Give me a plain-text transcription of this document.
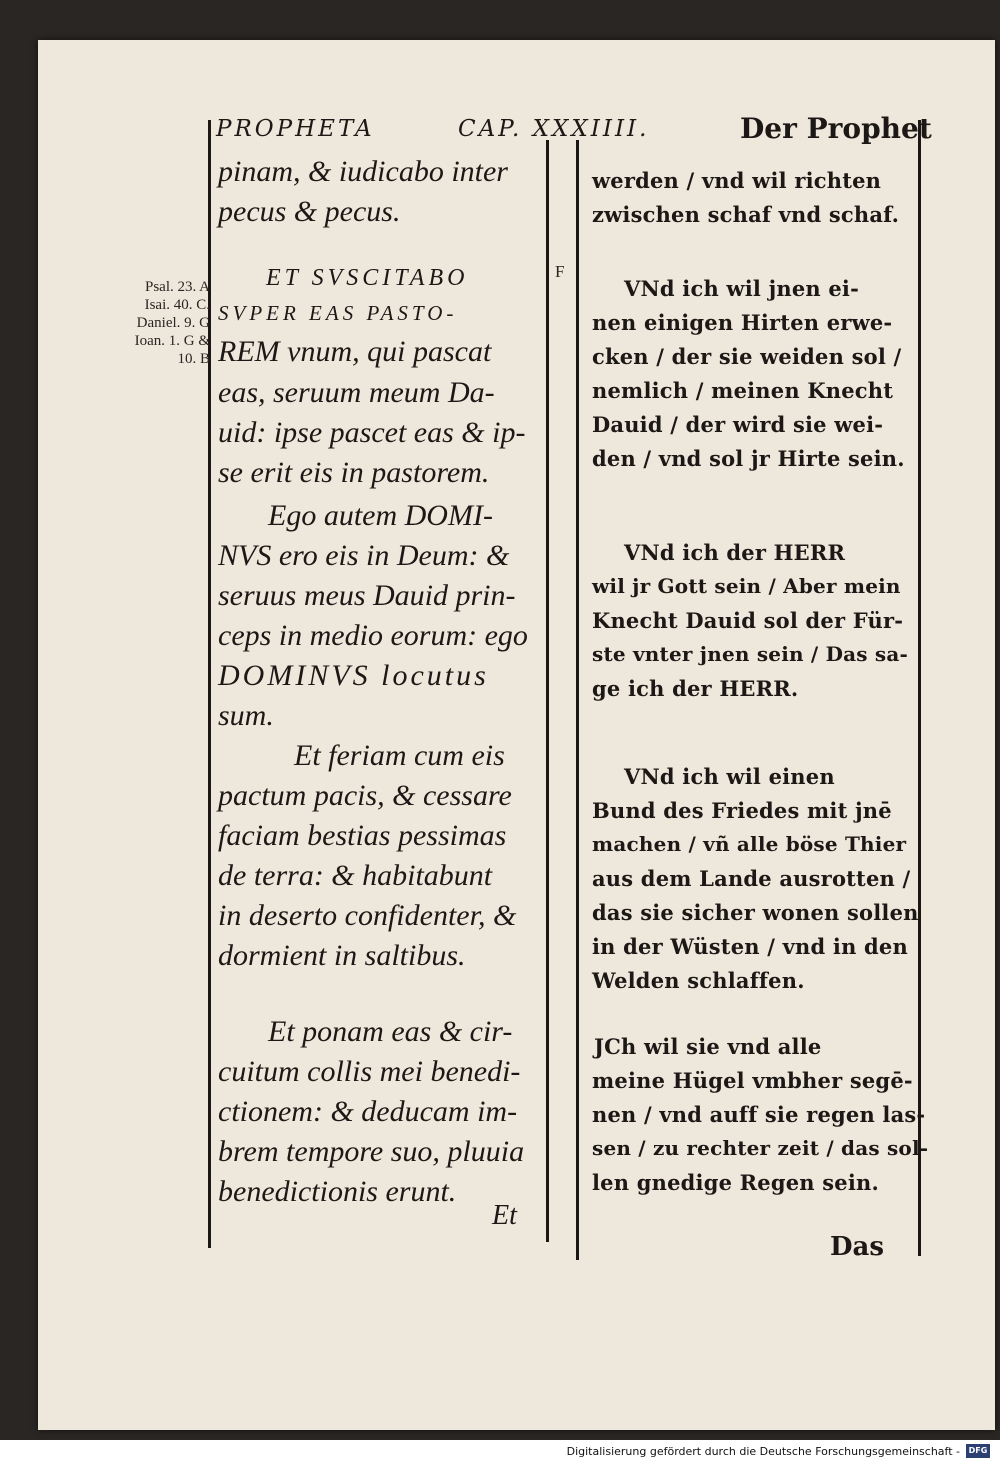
PROPHETA	CAP. XXXIIII.	Der Prophet
Psal. 23. A
Isai. 40. C.
Daniel. 9. G
Ioan. 1. G &
10. B
F
pinam, & iudicabo inter
pecus & pecus.
ET SVSCITABO
SVPER EAS PASTO-
REM vnum, qui pascat
eas, seruum meum Da-
uid: ipse pascet eas & ip-
se erit eis in pastorem.
Ego autem DOMI-
NVS ero eis in Deum: &
seruus meus Dauid prin-
ceps in medio eorum: ego
DOMINVS locutus
sum.
Et feriam cum eis
pactum pacis, & cessare
faciam bestias pessimas
de terra: & habitabunt
in deserto confidenter, &
dormient in saltibus.
Et ponam eas & cir-
cuitum collis mei benedi-
ctionem: & deducam im-
brem tempore suo, pluuia
benedictionis erunt.
werden / vnd wil richten
zwischen schaf vnd schaf.
VNd ich wil jnen ei-
nen einigen Hirten erwe-
cken / der sie weiden sol /
nemlich / meinen Knecht
Dauid / der wird sie wei-
den / vnd sol jr Hirte sein.
VNd ich der HERR
wil jr Gott sein / Aber mein
Knecht Dauid sol der Für-
ste vnter jnen sein / Das sa-
ge ich der HERR.
VNd ich wil einen
Bund des Friedes mit jnē
machen / vñ alle böse Thier
aus dem Lande ausrotten /
das sie sicher wonen sollen
in der Wüsten / vnd in den
Welden schlaffen.
JCh wil sie vnd alle
meine Hügel vmbher segē-
nen / vnd auff sie regen las-
sen / zu rechter zeit / das sol-
len gnedige Regen sein.
Et
Das
Digitalisierung gefördert durch die Deutsche Forschungsgemeinschaft -	DFG
